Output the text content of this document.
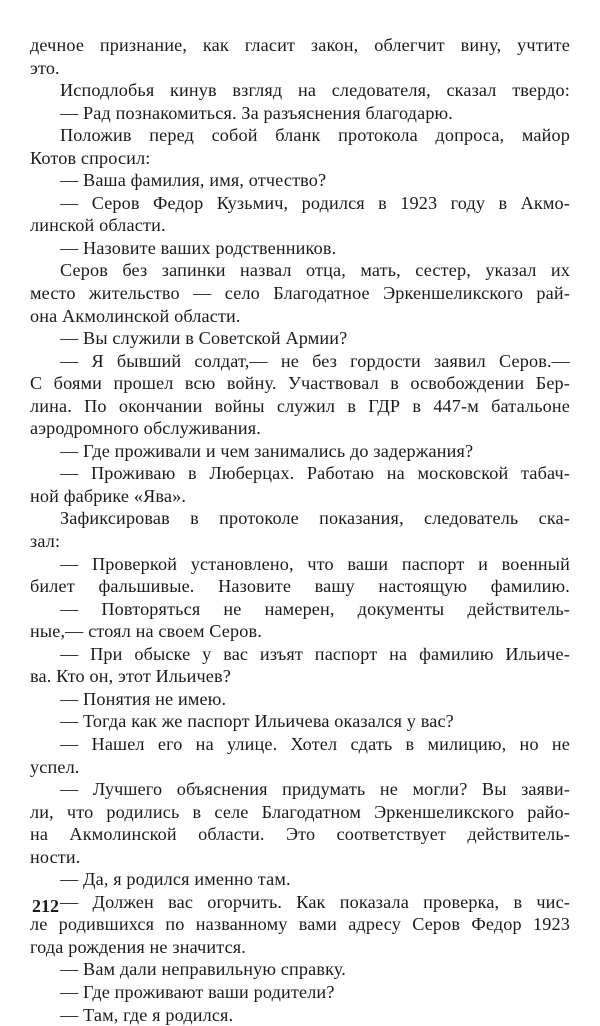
дечное признание, как гласит закон, облегчит вину, учтите
это.
Исподлобья кинув взгляд на следователя, сказал твердо:
— Рад познакомиться. За разъяснения благодарю.
Положив перед собой бланк протокола допроса, майор
Котов спросил:
— Ваша фамилия, имя, отчество?
— Серов Федор Кузьмич, родился в 1923 году в Акмо-
линской области.
— Назовите ваших родственников.
Серов без запинки назвал отца, мать, сестер, указал их
место жительство — село Благодатное Эркеншеликского рай-
она Акмолинской области.
— Вы служили в Советской Армии?
— Я бывший солдат,— не без гордости заявил Серов.—
С боями прошел всю войну. Участвовал в освобождении Бер-
лина. По окончании войны служил в ГДР в 447-м батальоне
аэродромного обслуживания.
— Где проживали и чем занимались до задержания?
— Проживаю в Люберцах. Работаю на московской табач-
ной фабрике «Ява».
Зафиксировав в протоколе показания, следователь ска-
зал:
— Проверкой установлено, что ваши паспорт и военный
билет фальшивые. Назовите вашу настоящую фамилию.
— Повторяться не намерен, документы действитель-
ные,— стоял на своем Серов.
— При обыске у вас изъят паспорт на фамилию Ильиче-
ва. Кто он, этот Ильичев?
— Понятия не имею.
— Тогда как же паспорт Ильичева оказался у вас?
— Нашел его на улице. Хотел сдать в милицию, но не
успел.
— Лучшего объяснения придумать не могли? Вы заяви-
ли, что родились в селе Благодатном Эркеншеликского райо-
на Акмолинской области. Это соответствует действитель-
ности.
— Да, я родился именно там.
— Должен вас огорчить. Как показала проверка, в чис-
ле родившихся по названному вами адресу Серов Федор 1923
года рождения не значится.
— Вам дали неправильную справку.
— Где проживают ваши родители?
— Там, где я родился.
212
